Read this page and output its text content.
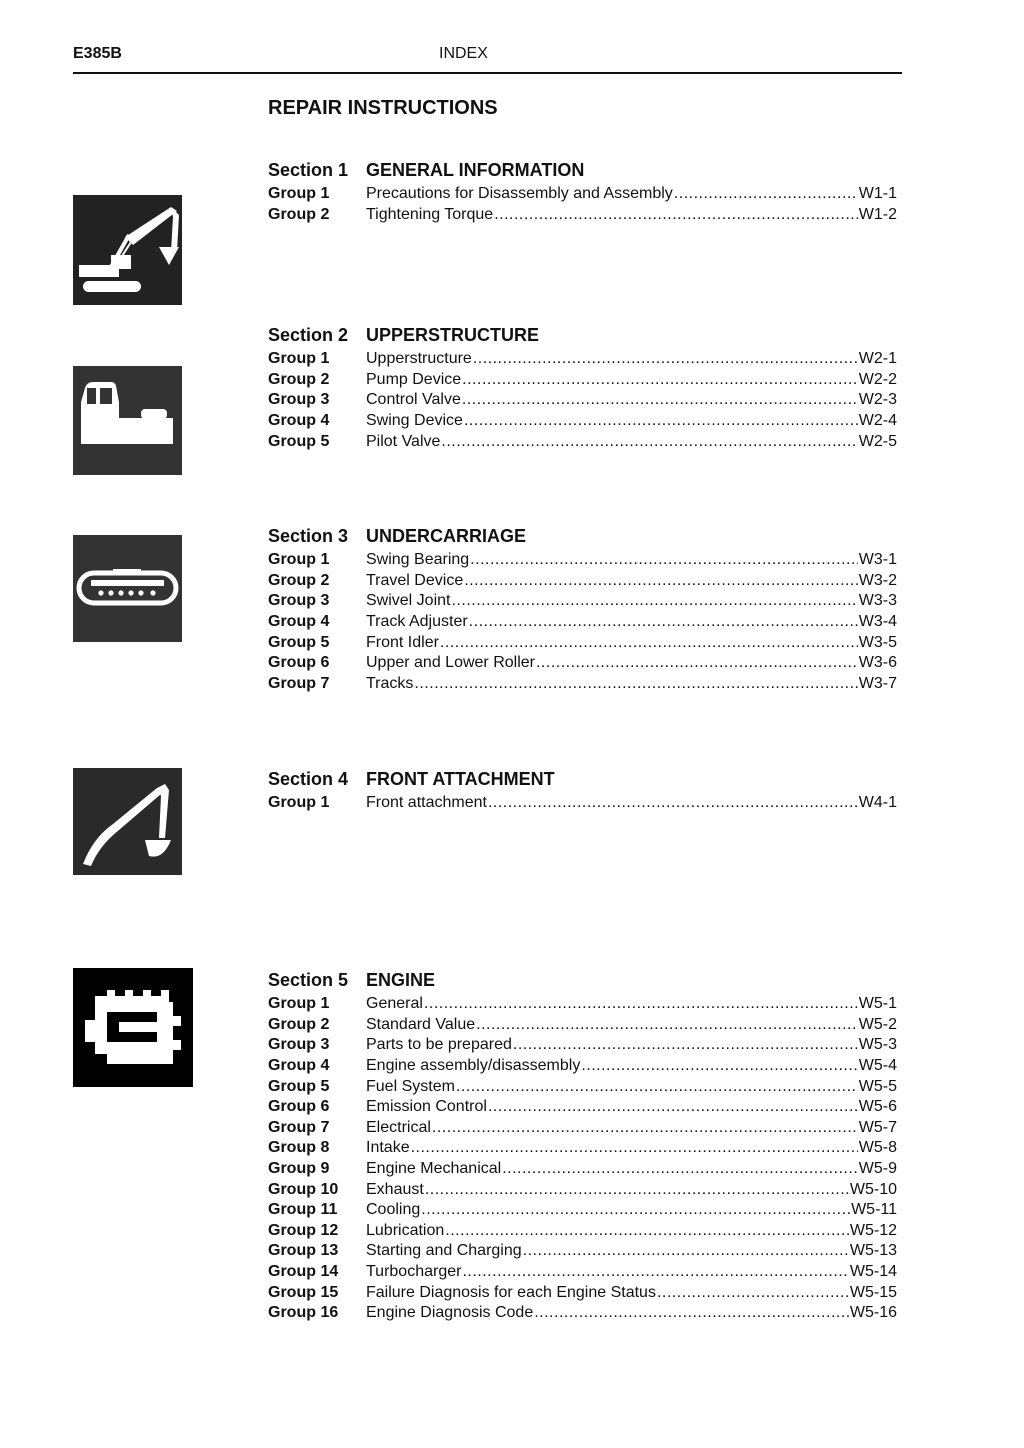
E385B	INDEX
REPAIR INSTRUCTIONS
Section 1 GENERAL INFORMATION
Group 1	Precautions for Disassembly and Assembly .....	W1-1
Group 2	Tightening Torque .....	W1-2
Section 2 UPPERSTRUCTURE
Group 1	Upperstructure .....	W2-1
Group 2	Pump Device .....	W2-2
Group 3	Control Valve .....	W2-3
Group 4	Swing Device .....	W2-4
Group 5	Pilot Valve .....	W2-5
Section 3 UNDERCARRIAGE
Group 1	Swing Bearing .....	W3-1
Group 2	Travel Device .....	W3-2
Group 3	Swivel Joint .....	W3-3
Group 4	Track Adjuster .....	W3-4
Group 5	Front Idler .....	W3-5
Group 6	Upper and Lower Roller .....	W3-6
Group 7	Tracks .....	W3-7
Section 4 FRONT ATTACHMENT
Group 1	Front attachment .....	W4-1
Section 5 ENGINE
Group 1	General .....	W5-1
Group 2	Standard Value .....	W5-2
Group 3	Parts to be prepared .....	W5-3
Group 4	Engine assembly/disassembly .....	W5-4
Group 5	Fuel System .....	W5-5
Group 6	Emission Control .....	W5-6
Group 7	Electrical .....	W5-7
Group 8	Intake .....	W5-8
Group 9	Engine Mechanical .....	W5-9
Group 10	Exhaust .....	W5-10
Group 11	Cooling .....	W5-11
Group 12	Lubrication .....	W5-12
Group 13	Starting and Charging .....	W5-13
Group 14	Turbocharger .....	W5-14
Group 15	Failure Diagnosis for each Engine Status .....	W5-15
Group 16	Engine Diagnosis Code .....	W5-16
